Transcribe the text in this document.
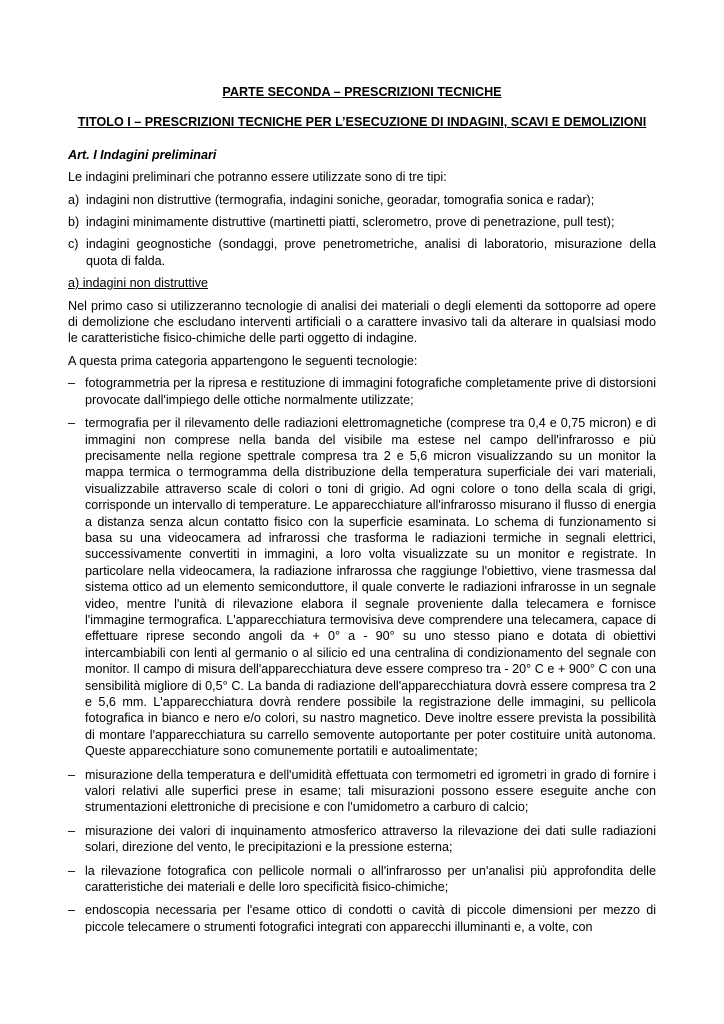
PARTE SECONDA – PRESCRIZIONI TECNICHE
TITOLO I – PRESCRIZIONI TECNICHE PER L’ESECUZIONE DI INDAGINI, SCAVI E DEMOLIZIONI
Art. I Indagini preliminari

Le indagini preliminari che potranno essere utilizzate sono di tre tipi:

a) indagini non distruttive (termografia, indagini soniche, georadar, tomografia sonica e radar);
b) indagini minimamente distruttive (martinetti piatti, sclerometro, prove di penetrazione, pull test);
c) indagini geognostiche (sondaggi, prove penetrometriche, analisi di laboratorio, misurazione della quota di falda.
a) indagini non distruttive

Nel primo caso si utilizzeranno tecnologie di analisi dei materiali o degli elementi da sottoporre ad opere di demolizione che escludano interventi artificiali o a carattere invasivo tali da alterare in qualsiasi modo le caratteristiche fisico-chimiche delle parti oggetto di indagine.

A questa prima categoria appartengono le seguenti tecnologie:

– fotogrammetria per la ripresa e restituzione di immagini fotografiche completamente prive di distorsioni provocate dall'impiego delle ottiche normalmente utilizzate;
– termografia per il rilevamento delle radiazioni elettromagnetiche (comprese tra 0,4 e 0,75 micron) e di immagini non comprese nella banda del visibile ma estese nel campo dell'infrarosso e più precisamente nella regione spettrale compresa tra 2 e 5,6 micron visualizzando su un monitor la mappa termica o termogramma della distribuzione della temperatura superficiale dei vari materiali, visualizzabile attraverso scale di colori o toni di grigio. Ad ogni colore o tono della scala di grigi, corrisponde un intervallo di temperature. Le apparecchiature all'infrarosso misurano il flusso di energia a distanza senza alcun contatto fisico con la superficie esaminata. Lo schema di funzionamento si basa su una videocamera ad infrarossi che trasforma le radiazioni termiche in segnali elettrici, successivamente convertiti in immagini, a loro volta visualizzate su un monitor e registrate. In particolare nella videocamera, la radiazione infrarossa che raggiunge l'obiettivo, viene trasmessa dal sistema ottico ad un elemento semiconduttore, il quale converte le radiazioni infrarosse in un segnale video, mentre l'unità di rilevazione elabora il segnale proveniente dalla telecamera e fornisce l'immagine termografica. L'apparecchiatura termovisiva deve comprendere una telecamera, capace di effettuare riprese secondo angoli da + 0° a - 90° su uno stesso piano e dotata di obiettivi intercambiabili con lenti al germanio o al silicio ed una centralina di condizionamento del segnale con monitor. Il campo di misura dell'apparecchiatura deve essere compreso tra - 20° C e + 900° C con una sensibilità migliore di 0,5° C. La banda di radiazione dell'apparecchiatura dovrà essere compresa tra 2 e 5,6 mm. L'apparecchiatura dovrà rendere possibile la registrazione delle immagini, su pellicola fotografica in bianco e nero e/o colori, su nastro magnetico. Deve inoltre essere prevista la possibilità di montare l'apparecchiatura su carrello semovente autoportante per poter costituire unità autonoma. Queste apparecchiature sono comunemente portatili e autoalimentate;
– misurazione della temperatura e dell'umidità effettuata con termometri ed igrometri in grado di fornire i valori relativi alle superfici prese in esame; tali misurazioni possono essere eseguite anche con strumentazioni elettroniche di precisione e con l'umidometro a carburo di calcio;
– misurazione dei valori di inquinamento atmosferico attraverso la rilevazione dei dati sulle radiazioni solari, direzione del vento, le precipitazioni e la pressione esterna;
– la rilevazione fotografica con pellicole normali o all'infrarosso per un'analisi più approfondita delle caratteristiche dei materiali e delle loro specificità fisico-chimiche;
– endoscopia necessaria per l'esame ottico di condotti o cavità di piccole dimensioni per mezzo di piccole telecamere o strumenti fotografici integrati con apparecchi illuminanti e, a volte, con
